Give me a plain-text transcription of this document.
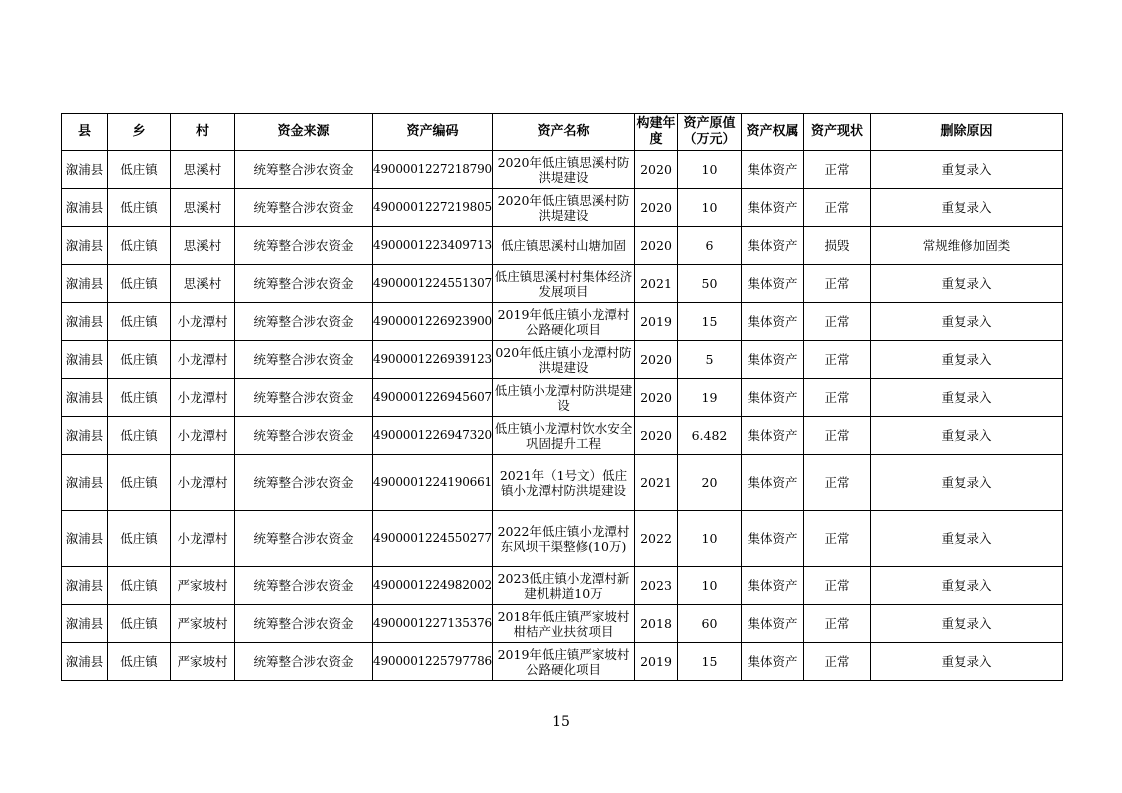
县	乡	村	资金来源	资产编码	资产名称	构建年度	资产原值（万元）	资产权属	资产现状	删除原因
溆浦县	低庄镇	思溪村	统筹整合涉农资金	4900001227218790	2020年低庄镇思溪村防洪堤建设	2020	10	集体资产	正常	重复录入
溆浦县	低庄镇	思溪村	统筹整合涉农资金	4900001227219805	2020年低庄镇思溪村防洪堤建设	2020	10	集体资产	正常	重复录入
溆浦县	低庄镇	思溪村	统筹整合涉农资金	4900001223409713	低庄镇思溪村山塘加固	2020	6	集体资产	损毁	常规维修加固类
溆浦县	低庄镇	思溪村	统筹整合涉农资金	4900001224551307	低庄镇思溪村村集体经济发展项目	2021	50	集体资产	正常	重复录入
溆浦县	低庄镇	小龙潭村	统筹整合涉农资金	4900001226923900	2019年低庄镇小龙潭村公路硬化项目	2019	15	集体资产	正常	重复录入
溆浦县	低庄镇	小龙潭村	统筹整合涉农资金	4900001226939123	020年低庄镇小龙潭村防洪堤建设	2020	5	集体资产	正常	重复录入
溆浦县	低庄镇	小龙潭村	统筹整合涉农资金	4900001226945607	低庄镇小龙潭村防洪堤建设	2020	19	集体资产	正常	重复录入
溆浦县	低庄镇	小龙潭村	统筹整合涉农资金	4900001226947320	低庄镇小龙潭村饮水安全巩固提升工程	2020	6.482	集体资产	正常	重复录入
溆浦县	低庄镇	小龙潭村	统筹整合涉农资金	4900001224190661	2021年（1号文）低庄镇小龙潭村防洪堤建设	2021	20	集体资产	正常	重复录入
溆浦县	低庄镇	小龙潭村	统筹整合涉农资金	4900001224550277	2022年低庄镇小龙潭村东风坝干渠整修(10万)	2022	10	集体资产	正常	重复录入
溆浦县	低庄镇	严家坡村	统筹整合涉农资金	4900001224982002	2023低庄镇小龙潭村新建机耕道10万	2023	10	集体资产	正常	重复录入
溆浦县	低庄镇	严家坡村	统筹整合涉农资金	4900001227135376	2018年低庄镇严家坡村柑桔产业扶贫项目	2018	60	集体资产	正常	重复录入
溆浦县	低庄镇	严家坡村	统筹整合涉农资金	4900001225797786	2019年低庄镇严家坡村公路硬化项目	2019	15	集体资产	正常	重复录入
15
